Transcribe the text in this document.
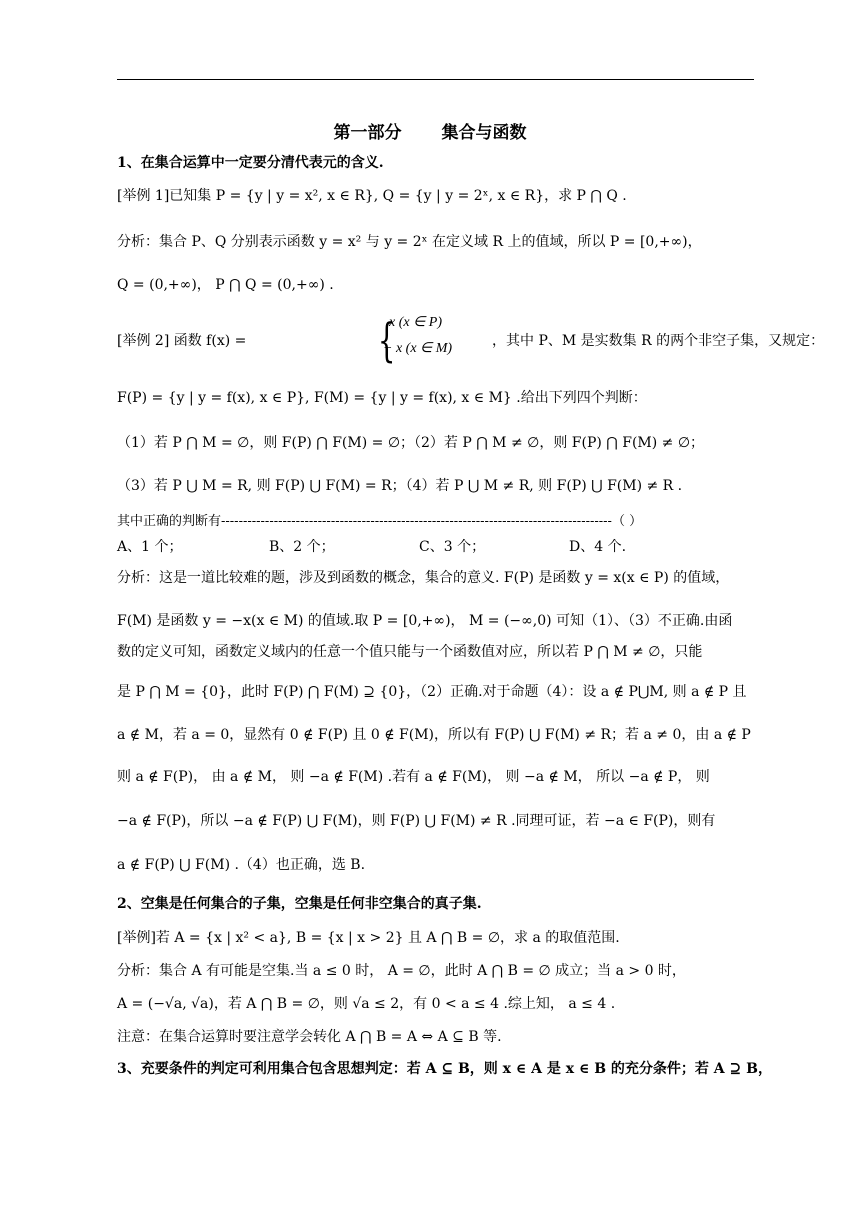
第一部分 集合与函数
1、在集合运算中一定要分清代表元的含义.
[举例 1]已知集 P = {y | y = x², x ∈ R}, Q = {y | y = 2ˣ, x ∈ R}，求 P ⋂ Q .
分析：集合 P、Q 分别表示函数 y = x² 与 y = 2ˣ 在定义域 R 上的值域，所以 P = [0,+∞)，
Q = (0,+∞)， P ⋂ Q = (0,+∞) .
[举例 2] 函数 f(x) =	{
x (x ∈ P)
− x (x ∈ M)	，其中 P、M 是实数集 R 的两个非空子集，又规定：
F(P) = {y | y = f(x), x ∈ P}, F(M) = {y | y = f(x), x ∈ M} .给出下列四个判断：
（1）若 P ⋂ M = ∅，则 F(P) ⋂ F(M) = ∅；（2）若 P ⋂ M ≠ ∅，则 F(P) ⋂ F(M) ≠ ∅；
（3）若 P ⋃ M = R, 则 F(P) ⋃ F(M) = R；（4）若 P ⋃ M ≠ R, 则 F(P) ⋃ F(M) ≠ R .
其中正确的判断有-----------------------------------------------------------------------------------------（ ）
A、1 个；	B、2 个；	C、3 个；	D、4 个.
分析：这是一道比较难的题，涉及到函数的概念，集合的意义. F(P) 是函数 y = x(x ∈ P) 的值域，
F(M) 是函数 y = −x(x ∈ M) 的值域.取 P = [0,+∞)， M = (−∞,0) 可知（1）、（3）不正确.由函
数的定义可知，函数定义域内的任意一个值只能与一个函数值对应，所以若 P ⋂ M ≠ ∅，只能
是 P ⋂ M = {0}，此时 F(P) ⋂ F(M) ⊇ {0}，（2）正确.对于命题（4）：设 a ∉ P⋃M, 则 a ∉ P 且
a ∉ M，若 a = 0，显然有 0 ∉ F(P) 且 0 ∉ F(M)，所以有 F(P) ⋃ F(M) ≠ R；若 a ≠ 0，由 a ∉ P
则 a ∉ F(P)， 由 a ∉ M， 则 −a ∉ F(M) .若有 a ∉ F(M)， 则 −a ∉ M， 所以 −a ∉ P， 则
−a ∉ F(P)，所以 −a ∉ F(P) ⋃ F(M)，则 F(P) ⋃ F(M) ≠ R .同理可证，若 −a ∈ F(P)，则有
a ∉ F(P) ⋃ F(M) .（4）也正确，选 B.
2、空集是任何集合的子集，空集是任何非空集合的真子集.
[举例]若 A = {x | x² < a}, B = {x | x > 2} 且 A ⋂ B = ∅，求 a 的取值范围.
分析：集合 A 有可能是空集.当 a ≤ 0 时， A = ∅，此时 A ⋂ B = ∅ 成立；当 a > 0 时，
A = (−√a, √a)，若 A ⋂ B = ∅，则 √a ≤ 2，有 0 < a ≤ 4 .综上知， a ≤ 4 .
注意：在集合运算时要注意学会转化 A ⋂ B = A ⇔ A ⊆ B 等.
3、充要条件的判定可利用集合包含思想判定：若 A ⊆ B，则 x ∈ A 是 x ∈ B 的充分条件；若 A ⊇ B，
